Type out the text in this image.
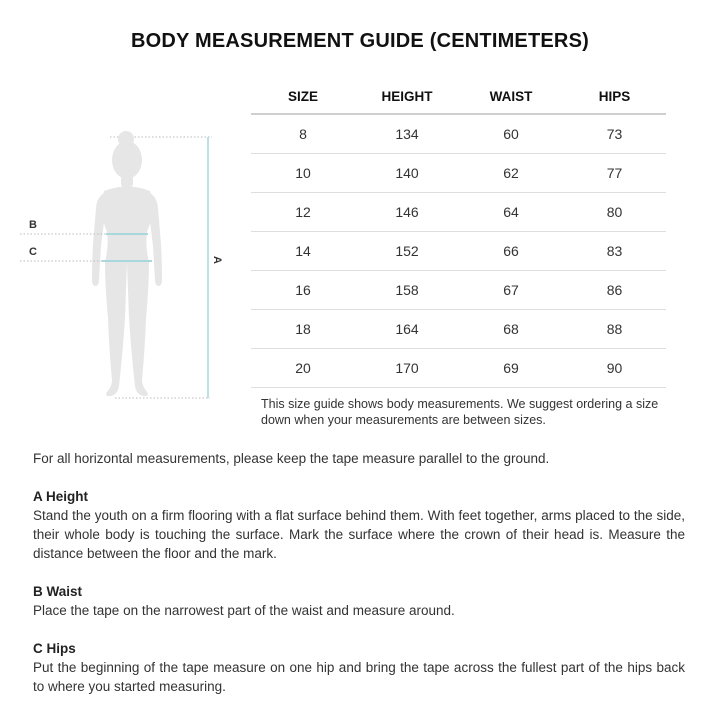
BODY MEASUREMENT GUIDE (CENTIMETERS)
B
C
A
SIZE	HEIGHT	WAIST	HIPS
8	134	60	73
10	140	62	77
12	146	64	80
14	152	66	83
16	158	67	86
18	164	68	88
20	170	69	90
This size guide shows body measurements. We suggest ordering a size down when your measurements are between sizes.

For all horizontal measurements, please keep the tape measure parallel to the ground.

A Height

Stand the youth on a firm flooring with a flat surface behind them. With feet together, arms placed to the side, their whole body is touching the surface. Mark the surface where the crown of their head is. Measure the distance between the floor and the mark.

B Waist

Place the tape on the narrowest part of the waist and measure around.

C Hips

Put the beginning of the tape measure on one hip and bring the tape across the fullest part of the hips back to where you started measuring.
